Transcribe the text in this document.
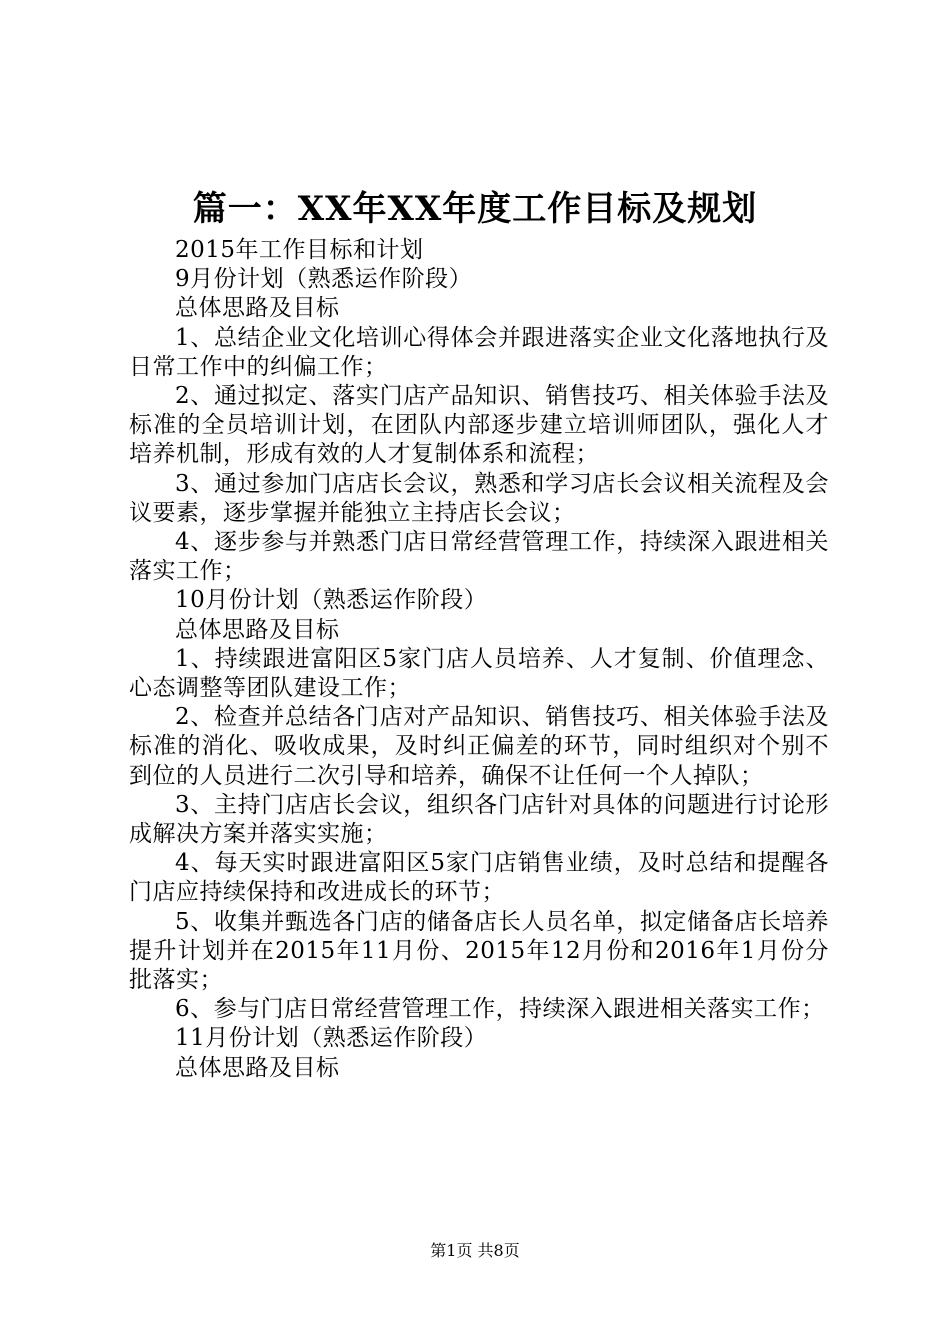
篇一：XX年XX年度工作目标及规划

2015年工作目标和计划

9月份计划（熟悉运作阶段）

总体思路及目标

1、总结企业文化培训心得体会并跟进落实企业文化落地执行及日常工作中的纠偏工作；

2、通过拟定、落实门店产品知识、销售技巧、相关体验手法及标准的全员培训计划，在团队内部逐步建立培训师团队，强化人才培养机制，形成有效的人才复制体系和流程；

3、通过参加门店店长会议，熟悉和学习店长会议相关流程及会议要素，逐步掌握并能独立主持店长会议；

4、逐步参与并熟悉门店日常经营管理工作，持续深入跟进相关落实工作；

10月份计划（熟悉运作阶段）

总体思路及目标

1、持续跟进富阳区5家门店人员培养、人才复制、价值理念、心态调整等团队建设工作；

2、检查并总结各门店对产品知识、销售技巧、相关体验手法及标准的消化、吸收成果，及时纠正偏差的环节，同时组织对个别不到位的人员进行二次引导和培养，确保不让任何一个人掉队；

3、主持门店店长会议，组织各门店针对具体的问题进行讨论形成解决方案并落实实施；

4、每天实时跟进富阳区5家门店销售业绩，及时总结和提醒各门店应持续保持和改进成长的环节；

5、收集并甄选各门店的储备店长人员名单，拟定储备店长培养提升计划并在2015年11月份、2015年12月份和2016年1月份分批落实；

6、参与门店日常经营管理工作，持续深入跟进相关落实工作；

11月份计划（熟悉运作阶段）

总体思路及目标

第1页 共8页
